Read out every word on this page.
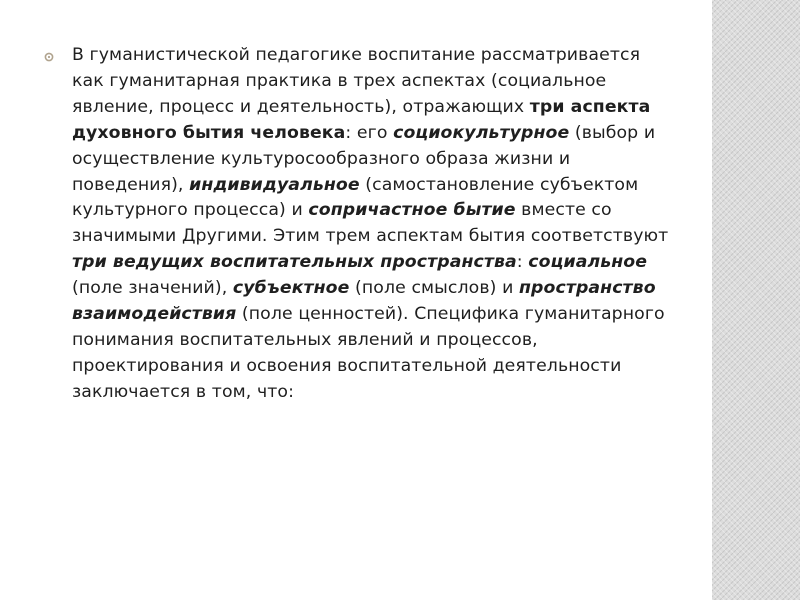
В гуманистической педагогике воспитание рассматривается как гуманитарная практика в трех аспектах (социальное явление, процесс и деятельность), отражающих три аспекта духовного бытия человека: его социокультурное (выбор и осуществление культуросообразного образа жизни и поведения), индивидуальное (самостановление субъектом культурного процесса) и сопричастное бытие вместе со значимыми Другими. Этим трем аспектам бытия соответствуют три ведущих воспитательных пространства: социальное (поле значений), субъектное (поле смыслов) и пространство взаимодействия (поле ценностей). Специфика гуманитарного понимания воспитательных явлений и процессов, проектирования и освоения воспитательной деятельности заключается в том, что:
